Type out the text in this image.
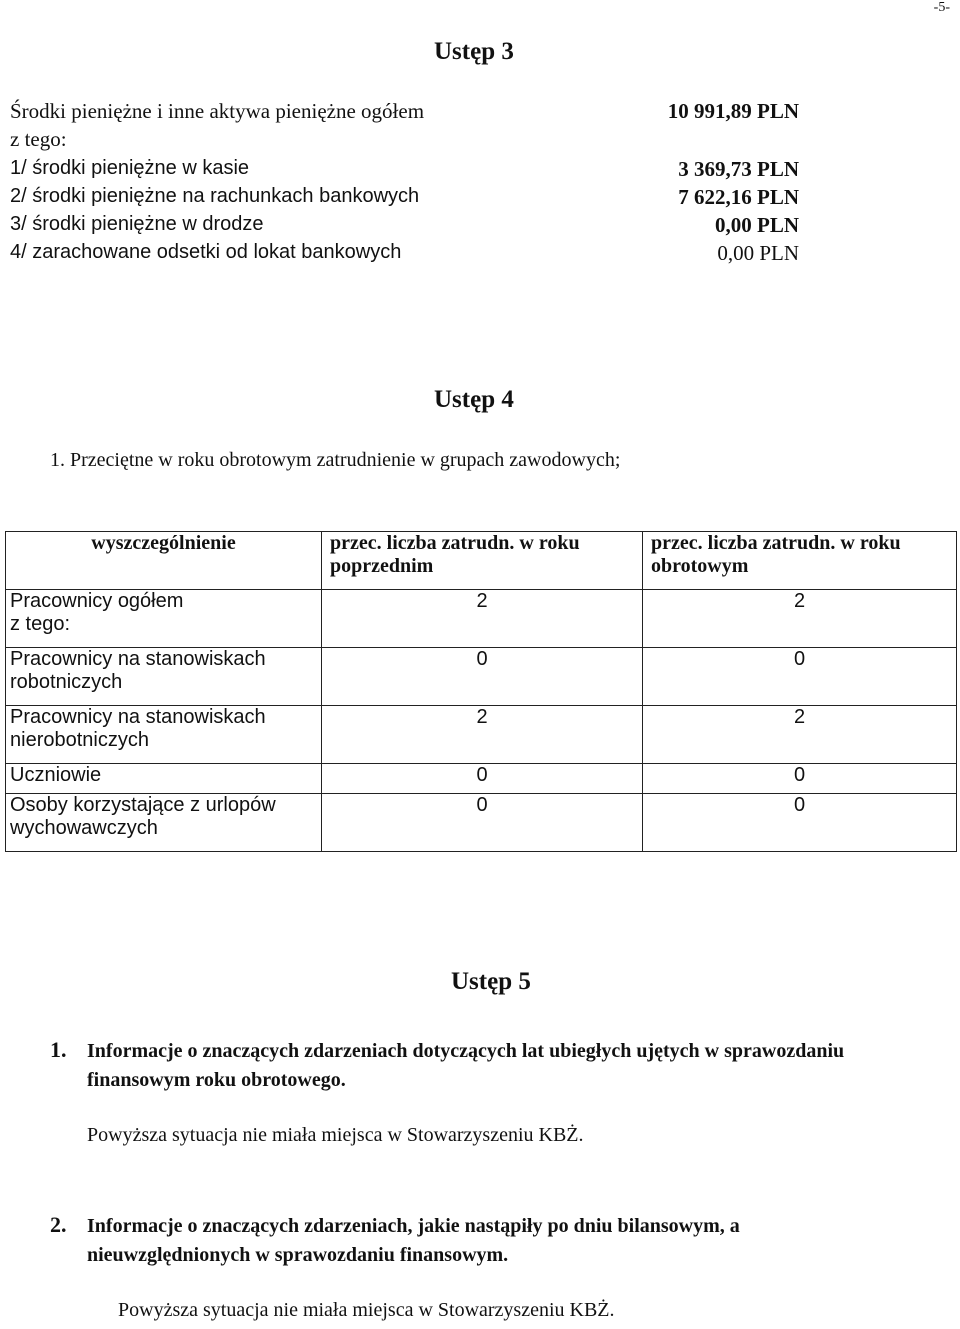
-5-
Ustęp 3
Środki pieniężne i inne aktywa pieniężne ogółem	10 991,89 PLN
z tego:
1/ środki pieniężne w kasie	3 369,73 PLN
2/ środki pieniężne na rachunkach bankowych	7 622,16 PLN
3/ środki pieniężne w drodze	0,00 PLN
4/ zarachowane odsetki od lokat bankowych	0,00 PLN
Ustęp 4
1. Przeciętne w roku obrotowym zatrudnienie w grupach zawodowych;
wyszczególnienie	przec. liczba zatrudn. w roku poprzednim	przec. liczba zatrudn. w roku obrotowym
Pracownicy ogółem
z tego:	2	2
Pracownicy na stanowiskach robotniczych	0	0
Pracownicy na stanowiskach nierobotniczych	2	2
Uczniowie	0	0
Osoby korzystające z urlopów wychowawczych	0	0
Ustęp 5
1. Informacje o znaczących zdarzeniach dotyczących lat ubiegłych ujętych w sprawozdaniu finansowym roku obrotowego.
Powyższa sytuacja nie miała miejsca w Stowarzyszeniu KBŻ.
2. Informacje o znaczących zdarzeniach, jakie nastąpiły po dniu bilansowym, a nieuwzględnionych w sprawozdaniu finansowym.
Powyższa sytuacja nie miała miejsca w Stowarzyszeniu KBŻ.
